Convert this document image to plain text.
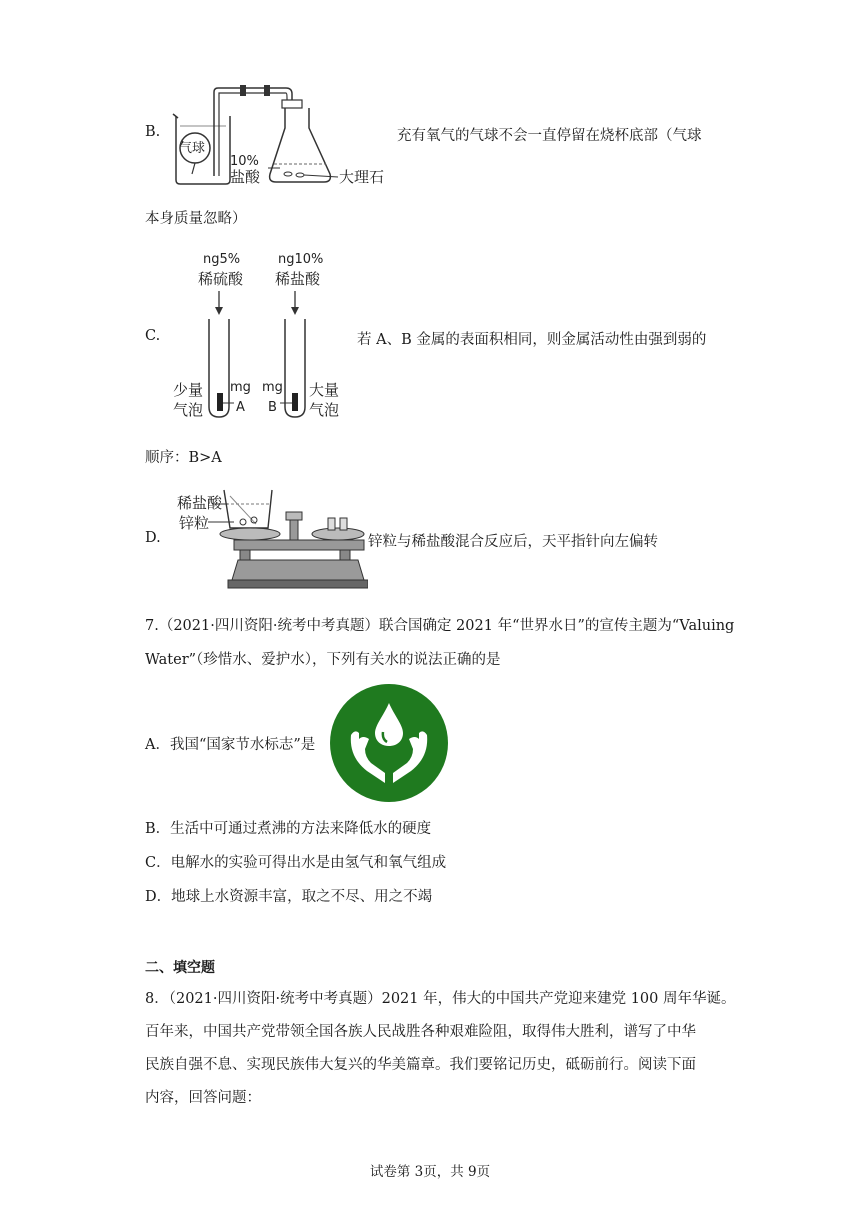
B.
气球
10%
盐酸	大理石
充有氧气的气球不会一直停留在烧杯底部（气球
本身质量忽略）
C.
ng5%
稀硫酸
ng10%
稀盐酸
mg
A
mg
B
少量
气泡
大量
气泡
若 A、B 金属的表面积相同，则金属活动性由强到弱的
顺序：B>A
D.
稀盐酸
锌粒
锌粒与稀盐酸混合反应后，天平指针向左偏转
7.（2021·四川资阳·统考中考真题）联合国确定 2021 年“世界水日”的宣传主题为“Valuing
Water”（珍惜水、爱护水），下列有关水的说法正确的是
A．我国“国家节水标志”是
B．生活中可通过煮沸的方法来降低水的硬度
C．电解水的实验可得出水是由氢气和氧气组成
D．地球上水资源丰富，取之不尽、用之不竭
二、填空题
8．（2021·四川资阳·统考中考真题）2021 年，伟大的中国共产党迎来建党 100 周年华诞。
百年来，中国共产党带领全国各族人民战胜各种艰难险阻，取得伟大胜利，谱写了中华
民族自强不息、实现民族伟大复兴的华美篇章。我们要铭记历史，砥砺前行。阅读下面
内容，回答问题：
试卷第 3页，共 9页
